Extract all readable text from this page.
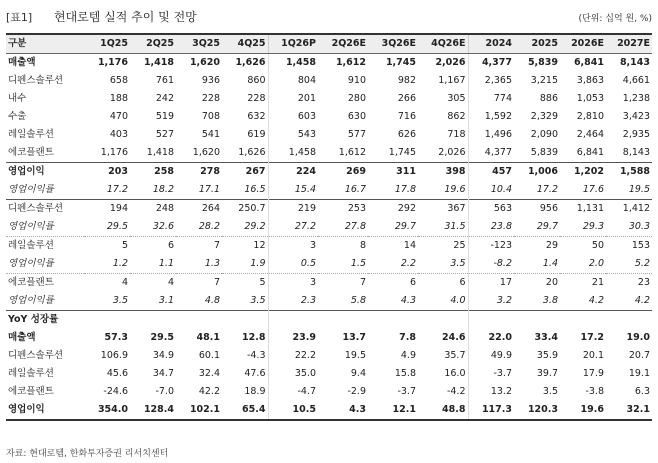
[표1] 현대로템 실적 추이 및 전망	(단위: 십억 원, %)
구분	1Q25	2Q25	3Q25	4Q25	1Q26P	2Q26E	3Q26E	4Q26E	2024	2025	2026E	2027E
매출액	1,176	1,418	1,620	1,626	1,458	1,612	1,745	2,026	4,377	5,839	6,841	8,143
디펜스솔루션	658	761	936	860	804	910	982	1,167	2,365	3,215	3,863	4,661
내수	188	242	228	228	201	280	266	305	774	886	1,053	1,238
수출	470	519	708	632	603	630	716	862	1,592	2,329	2,810	3,423
레일솔루션	403	527	541	619	543	577	626	718	1,496	2,090	2,464	2,935
에코플랜트	1,176	1,418	1,620	1,626	1,458	1,612	1,745	2,026	4,377	5,839	6,841	8,143
영업이익	203	258	278	267	224	269	311	398	457	1,006	1,202	1,588
영업이익률	17.2	18.2	17.1	16.5	15.4	16.7	17.8	19.6	10.4	17.2	17.6	19.5
디펜스솔루션	194	248	264	250.7	219	253	292	367	563	956	1,131	1,412
영업이익률	29.5	32.6	28.2	29.2	27.2	27.8	29.7	31.5	23.8	29.7	29.3	30.3
레일솔루션	5	6	7	12	3	8	14	25	-123	29	50	153
영업이익률	1.2	1.1	1.3	1.9	0.5	1.5	2.2	3.5	-8.2	1.4	2.0	5.2
에코플랜트	4	4	7	5	3	7	6	6	17	20	21	23
영업이익률	3.5	3.1	4.8	3.5	2.3	5.8	4.3	4.0	3.2	3.8	4.2	4.2
YoY 성장률												
매출액	57.3	29.5	48.1	12.8	23.9	13.7	7.8	24.6	22.0	33.4	17.2	19.0
디펜스솔루션	106.9	34.9	60.1	-4.3	22.2	19.5	4.9	35.7	49.9	35.9	20.1	20.7
레일솔루션	45.6	34.7	32.4	47.6	35.0	9.4	15.8	16.0	-3.7	39.7	17.9	19.1
에코플랜트	-24.6	-7.0	42.2	18.9	-4.7	-2.9	-3.7	-4.2	13.2	3.5	-3.8	6.3
영업이익	354.0	128.4	102.1	65.4	10.5	4.3	12.1	48.8	117.3	120.3	19.6	32.1
자료: 현대로템, 한화투자증권 리서치센터
